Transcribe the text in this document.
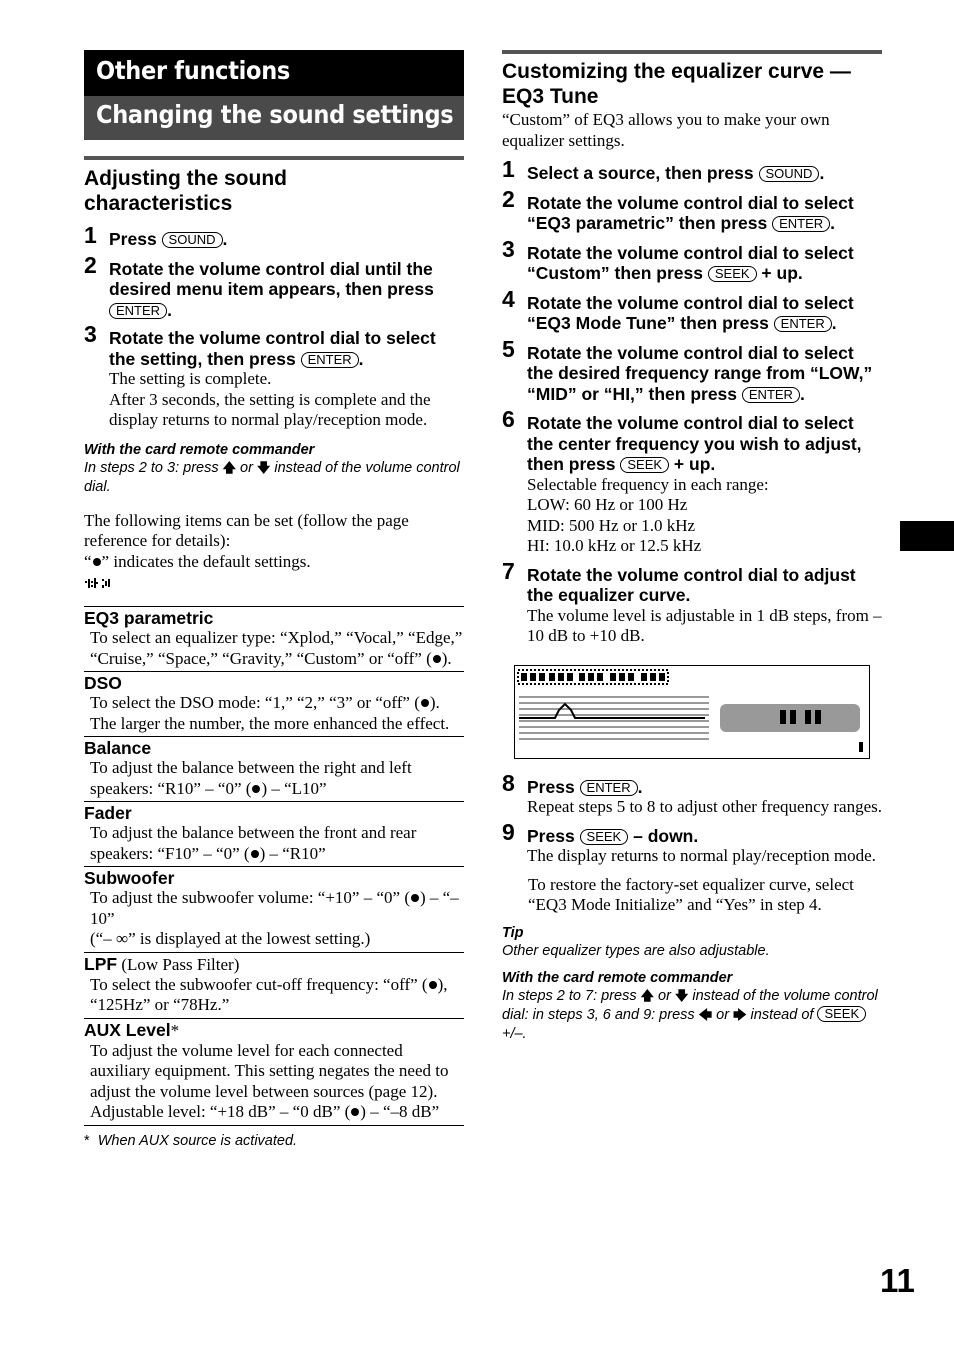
Other functions
Changing the sound settings
Adjusting the sound characteristics
1 Press SOUND .
2 Rotate the volume control dial until the desired menu item appears, then press ENTER .
3 Rotate the volume control dial to select the setting, then press ENTER .
The setting is complete.
After 3 seconds, the setting is complete and the display returns to normal play/reception mode.
With the card remote commander
In steps 2 to 3: press 🡅 or 🡇 instead of the volume control dial.
The following items can be set (follow the page reference for details):
“ ” indicates the default settings.
EQ3 parametric
To select an equalizer type: “Xplod,” “Vocal,” “Edge,” “Cruise,” “Space,” “Gravity,” “Custom” or “off” ( ).
DSO
To select the DSO mode: “1,” “2,” “3” or “off” ( ). The larger the number, the more enhanced the effect.
Balance
To adjust the balance between the right and left speakers: “R10” – “0” ( ) – “L10”
Fader
To adjust the balance between the front and rear speakers: “F10” – “0” ( ) – “R10”
Subwoofer
To adjust the subwoofer volume: “+10” – “0” ( ) – “–10”
(“– ∞” is displayed at the lowest setting.)
LPF (Low Pass Filter)
To select the subwoofer cut-off frequency: “off” ( ), “125Hz” or “78Hz.”
AUX Level*
To adjust the volume level for each connected auxiliary equipment. This setting negates the need to adjust the volume level between sources (page 12).
Adjustable level: “+18 dB” – “0 dB” ( ) – “–8 dB”
* When AUX source is activated.
Customizing the equalizer curve — EQ3 Tune
“Custom” of EQ3 allows you to make your own equalizer settings.
1 Select a source, then press SOUND .
2 Rotate the volume control dial to select “EQ3 parametric” then press ENTER .
3 Rotate the volume control dial to select “Custom” then press SEEK + up.
4 Rotate the volume control dial to select “EQ3 Mode Tune” then press ENTER .
5 Rotate the volume control dial to select the desired frequency range from “LOW,” “MID” or “HI,” then press ENTER .
6 Rotate the volume control dial to select the center frequency you wish to adjust, then press SEEK + up.
Selectable frequency in each range:
LOW: 60 Hz or 100 Hz
MID: 500 Hz or 1.0 kHz
HI: 10.0 kHz or 12.5 kHz
7 Rotate the volume control dial to adjust the equalizer curve.
The volume level is adjustable in 1 dB steps, from –10 dB to +10 dB.
8 Press ENTER .
Repeat steps 5 to 8 to adjust other frequency ranges.
9 Press SEEK – down.
The display returns to normal play/reception mode.
To restore the factory-set equalizer curve, select “EQ3 Mode Initialize” and “Yes” in step 4.
Tip
Other equalizer types are also adjustable.
With the card remote commander
In steps 2 to 7: press 🡅 or 🡇 instead of the volume control dial: in steps 3, 6 and 9: press 🡄 or 🡆 instead of SEEK +/–.
11
